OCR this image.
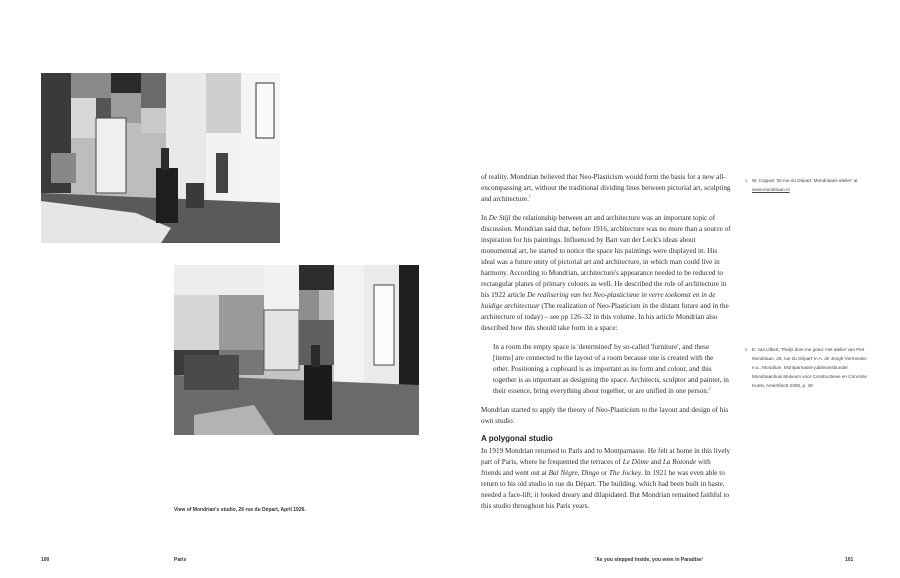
View of Mondrian's studio, 26 rue du Départ, April 1926.

of reality. Mondrian believed that Neo-Plasticism would form the basis for a new all-encompassing art, without the traditional dividing lines between pictorial art, sculpting and architecture.$^1$

In De Stijl the relationship between art and architecture was an important topic of discussion. Mondrian said that, before 1916, architecture was no more than a source of inspiration for his paintings. Influenced by Bart van der Leck's ideas about monumental art, he started to notice the space his paintings were displayed in. His ideal was a future unity of pictorial art and architecture, in which man could live in harmony. According to Mondrian, architecture's appearance needed to be reduced to rectangular planes of primary colours as well. He described the role of architecture in his 1922 article De realisering van het Neo-plasticisme in verre toekomst en in de huidige architectuur (The realization of Neo-Plasticism in the distant future and in the architecture of today) – see pp 126–32 in this volume. In his article Mondrian also described how this should take form in a space:

In a room the empty space is 'determined' by so-called 'furniture', and these [items] are connected to the layout of a room because one is created with the other. Positioning a cupboard is as important as its form and colour, and this together is as important as designing the space. Architects, sculptor and painter, in their essence, bring everything about together, or are unified in one person.$^2$

Mondrian started to apply the theory of Neo-Plasticism to the layout and design of his own studio.

A polygonal studio

In 1919 Mondrian returned to Paris and to Montparnasse. He felt at home in this lively part of Paris, where he frequented the terraces of Le Dôme and La Rotonde with friends and went out at Bal Nègre, Dingo or The Jockey. In 1921 he was even able to return to his old studio in rue du Départ. The building, which had been built in haste, needed a face-lift; it looked dreary and dilapidated. But Mondrian remained faithful to this studio throughout his Paris years.

1 W. Coppes '26 rue du Départ: Mondriaans atelier' at www.mondriaan.nl
2 E. van Ulbert, 'Parijs doet me goed. Het atelier van Piet Mondriaan, 26, rue du Départ' in A. de Jongh-Vermeulen e.a., Mondrian. Montparnasse jubileumsbundel Mondriaanhuis Museum voor Constructieve en Concrete Kunst, Amersfoort 2005, p. 45
100	Paris	'As you stepped inside, you were in Paradise'	101
